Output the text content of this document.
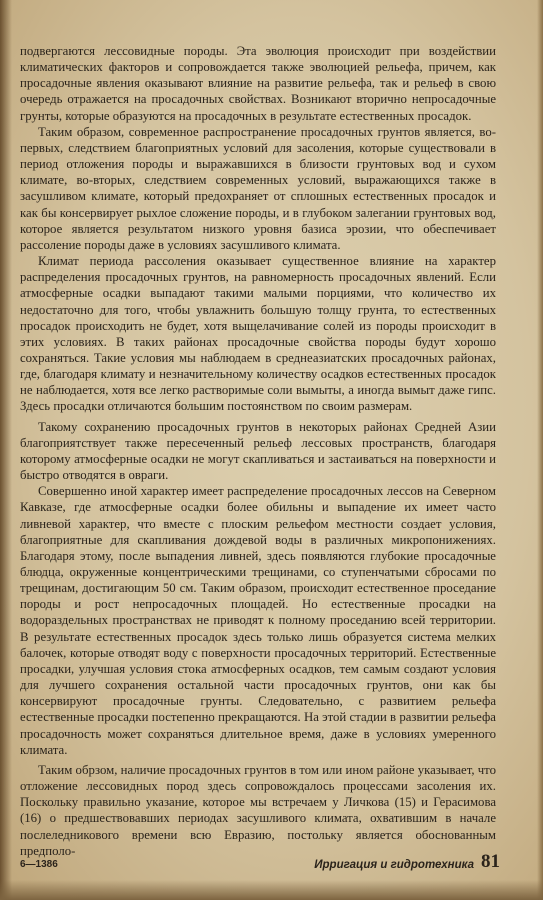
подвергаются лессовидные породы. Эта эволюция происходит при воздействии климатических факторов и сопровождается также эволюцией рельефа, причем, как просадочные явления оказывают влияние на развитие рельефа, так и рельеф в свою очередь отражается на просадочных свойствах. Возникают вторично непросадочные грунты, которые образуются на просадочных в результате естественных просадок.

Таким образом, современное распространение просадочных грунтов является, во-первых, следствием благоприятных условий для засоления, которые существовали в период отложения породы и выражавшихся в близости грунтовых вод и сухом климате, во-вторых, следствием современных условий, выражающихся также в засушливом климате, который предохраняет от сплошных естественных просадок и как бы консервирует рыхлое сложение породы, и в глубоком залегании грунтовых вод, которое является результатом низкого уровня базиса эрозии, что обеспечивает рассоление породы даже в условиях засушливого климата.

Климат периода рассоления оказывает существенное влияние на характер распределения просадочных грунтов, на равномерность просадочных явлений. Если атмосферные осадки выпадают такими малыми порциями, что количество их недостаточно для того, чтобы увлажнить большую толщу грунта, то естественных просадок происходить не будет, хотя выщелачивание солей из породы происходит в этих условиях. В таких районах просадочные свойства породы будут хорошо сохраняться. Такие условия мы наблюдаем в среднеазиатских просадочных районах, где, благодаря климату и незначительному количеству осадков естественных просадок не наблюдается, хотя все легко растворимые соли вымыты, а иногда вымыт даже гипс. Здесь просадки отличаются большим постоянством по своим размерам.

Такому сохранению просадочных грунтов в некоторых районах Средней Азии благоприятствует также пересеченный рельеф лессовых пространств, благодаря которому атмосферные осадки не могут скапливаться и застаиваться на поверхности и быстро отводятся в овраги.

Совершенно иной характер имеет распределение просадочных лессов на Северном Кавказе, где атмосферные осадки более обильны и выпадение их имеет часто ливневой характер, что вместе с плоским рельефом местности создает условия, благоприятные для скапливания дождевой воды в различных микропонижениях. Благодаря этому, после выпадения ливней, здесь появляются глубокие просадочные блюдца, окруженные концентрическими трещинами, со ступенчатыми сбросами по трещинам, достигающим 50 см. Таким образом, происходит естественное проседание породы и рост непросадочных площадей. Но естественные просадки на водораздельных пространствах не приводят к полному проседанию всей территории. В результате естественных просадок здесь только лишь образуется система мелких балочек, которые отводят воду с поверхности просадочных территорий. Естественные просадки, улучшая условия стока атмосферных осадков, тем самым создают условия для лучшего сохранения остальной части просадочных грунтов, они как бы консервируют просадочные грунты. Следовательно, с развитием рельефа естественные просадки постепенно прекращаются. На этой стадии в развитии рельефа просадочность может сохраняться длительное время, даже в условиях умеренного климата.

Таким обрзом, наличие просадочных грунтов в том или ином районе указывает, что отложение лессовидных пород здесь сопровождалось процессами засоления их. Поскольку правильно указание, которое мы встречаем у Личкова (15) и Герасимова (16) о предшествовавших периодах засушливого климата, охватившим в начале послеледникового времени всю Евразию, постольку является обоснованным предполо-

6—1386	Ирригация и гидротехника 81
